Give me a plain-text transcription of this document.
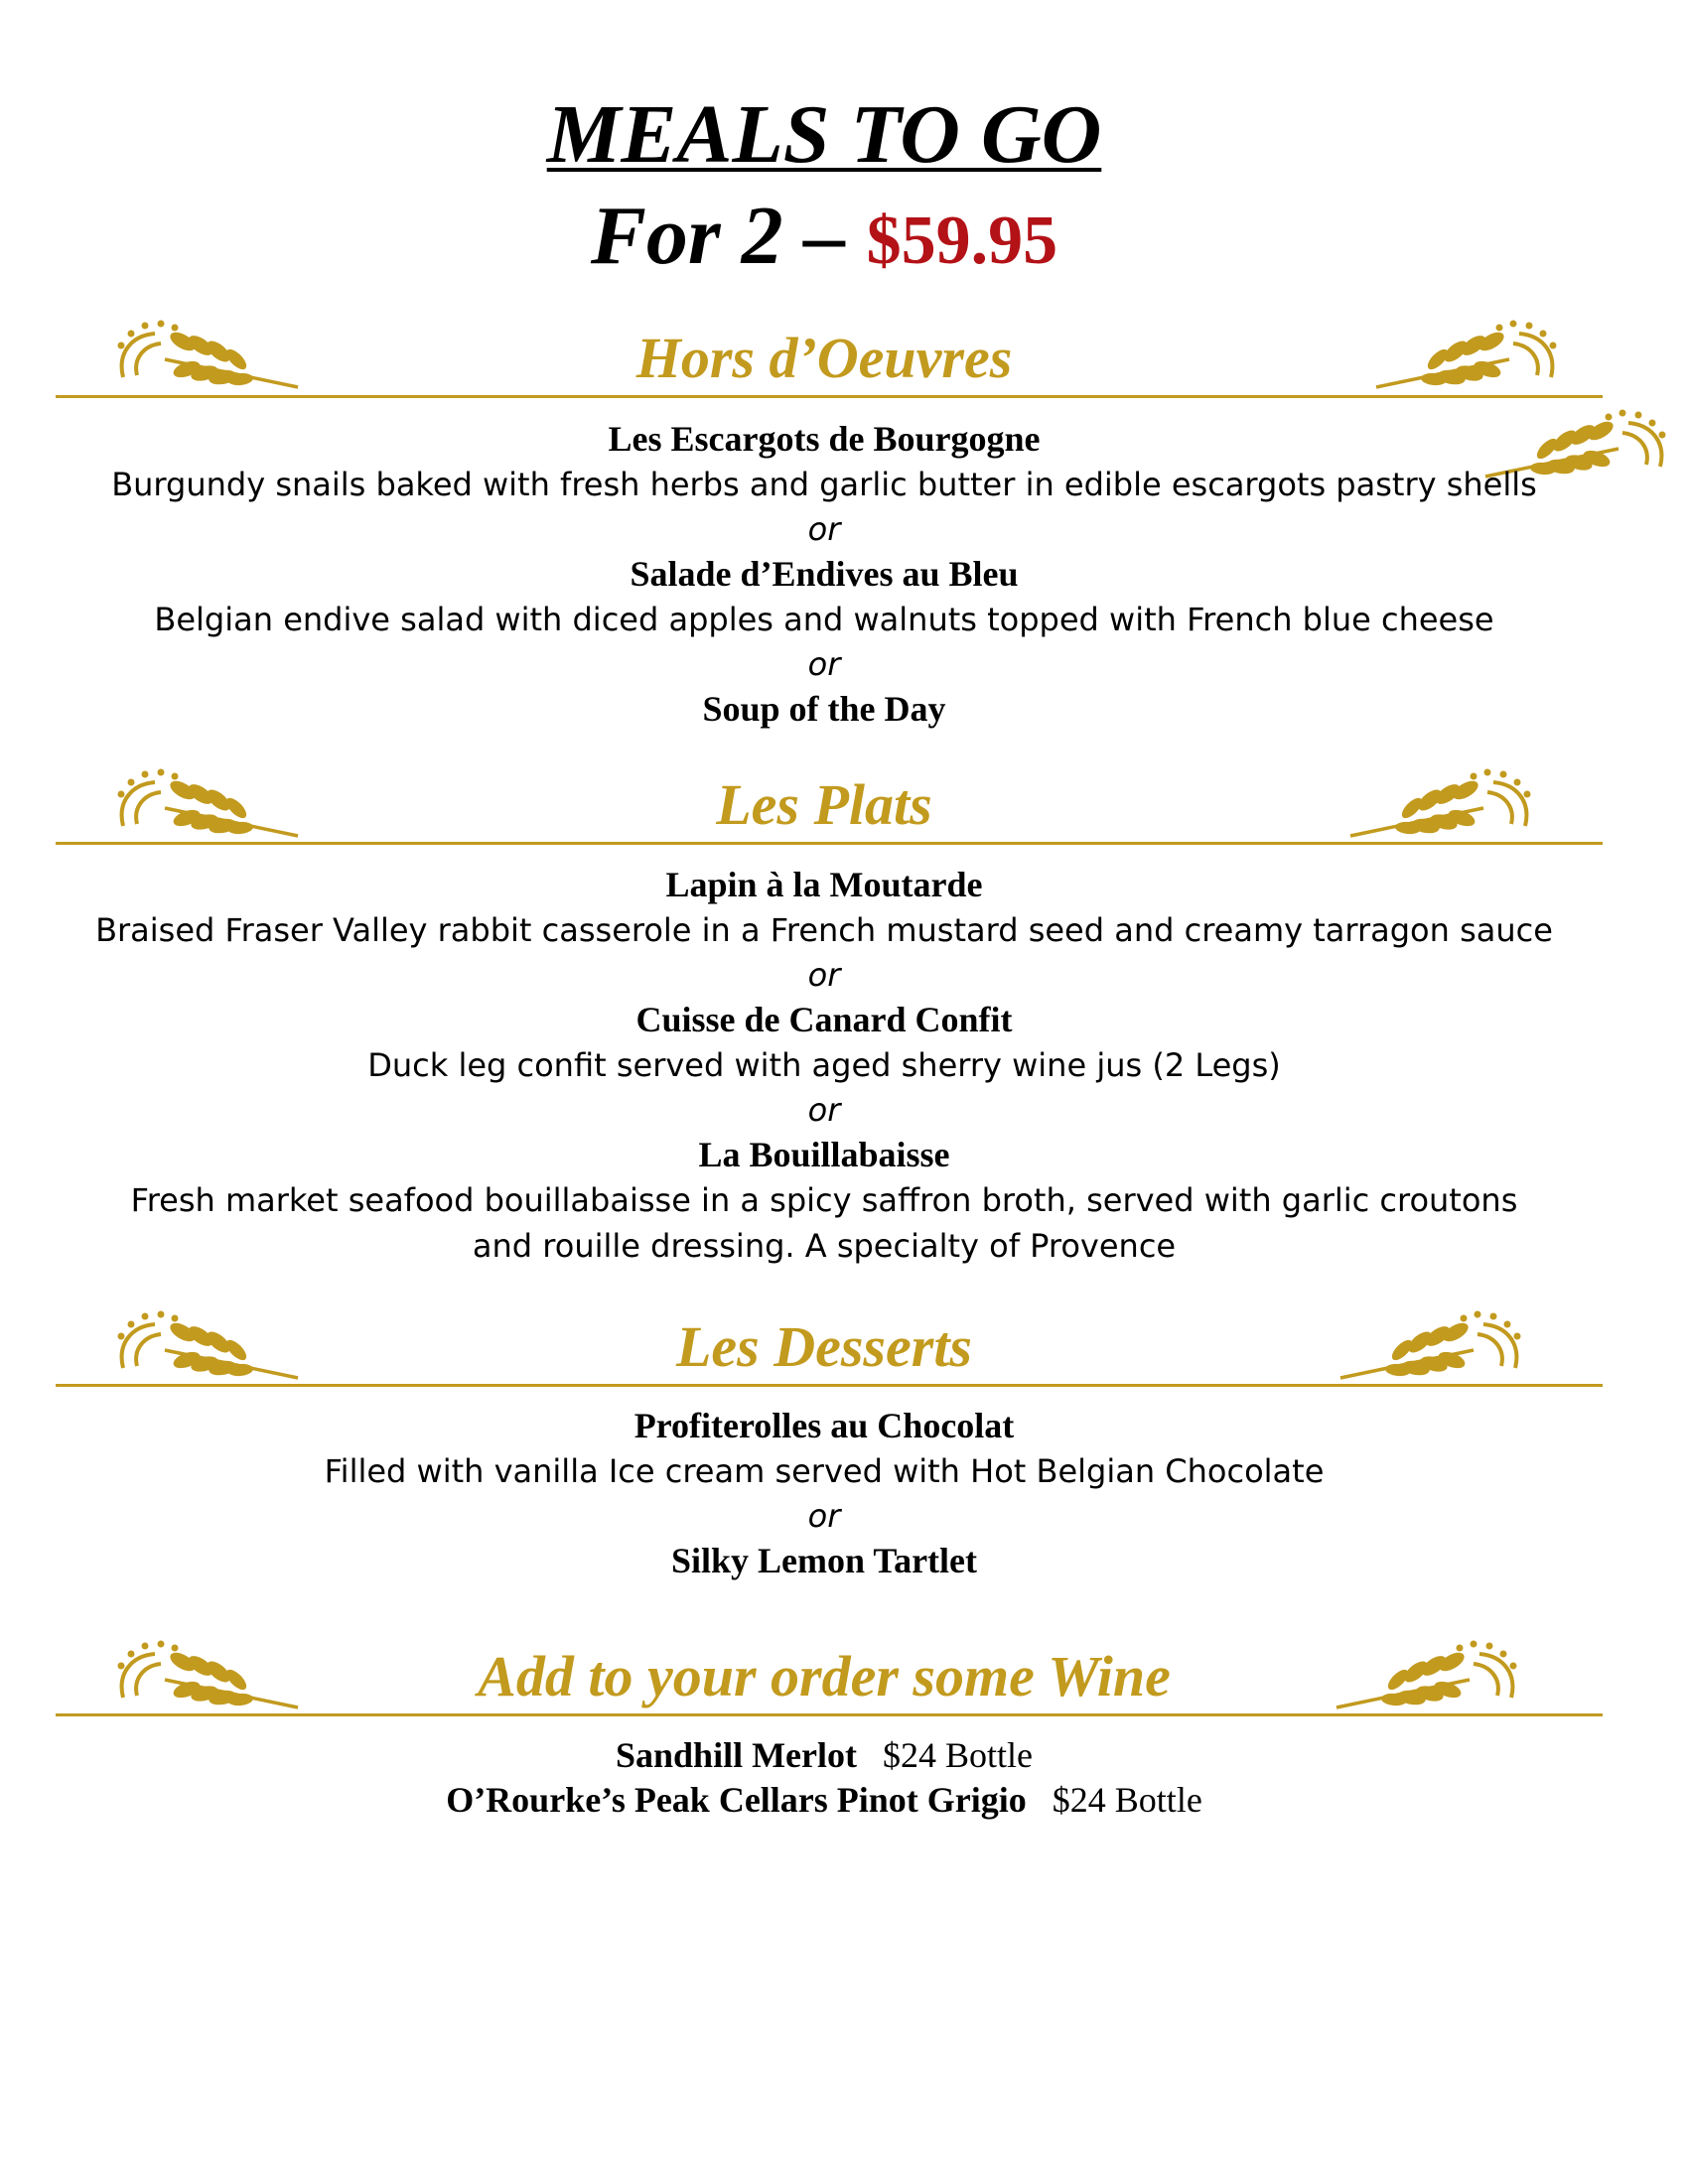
MEALS TO GO
For 2 – $59.95
Hors d’Oeuvres
Les Escargots de Bourgogne
Burgundy snails baked with fresh herbs and garlic butter in edible escargots pastry shells
or
Salade d’Endives au Bleu
Belgian endive salad with diced apples and walnuts topped with French blue cheese
or
Soup of the Day
Les Plats
Lapin à la Moutarde
Braised Fraser Valley rabbit casserole in a French mustard seed and creamy tarragon sauce
or
Cuisse de Canard Confit
Duck leg confit served with aged sherry wine jus (2 Legs)
or
La Bouillabaisse
Fresh market seafood bouillabaisse in a spicy saffron broth, served with garlic croutons
and rouille dressing. A specialty of Provence
Les Desserts
Profiterolles au Chocolat
Filled with vanilla Ice cream served with Hot Belgian Chocolate
or
Silky Lemon Tartlet
Add to your order some Wine
Sandhill Merlot $24 Bottle
O’Rourke’s Peak Cellars Pinot Grigio $24 Bottle
